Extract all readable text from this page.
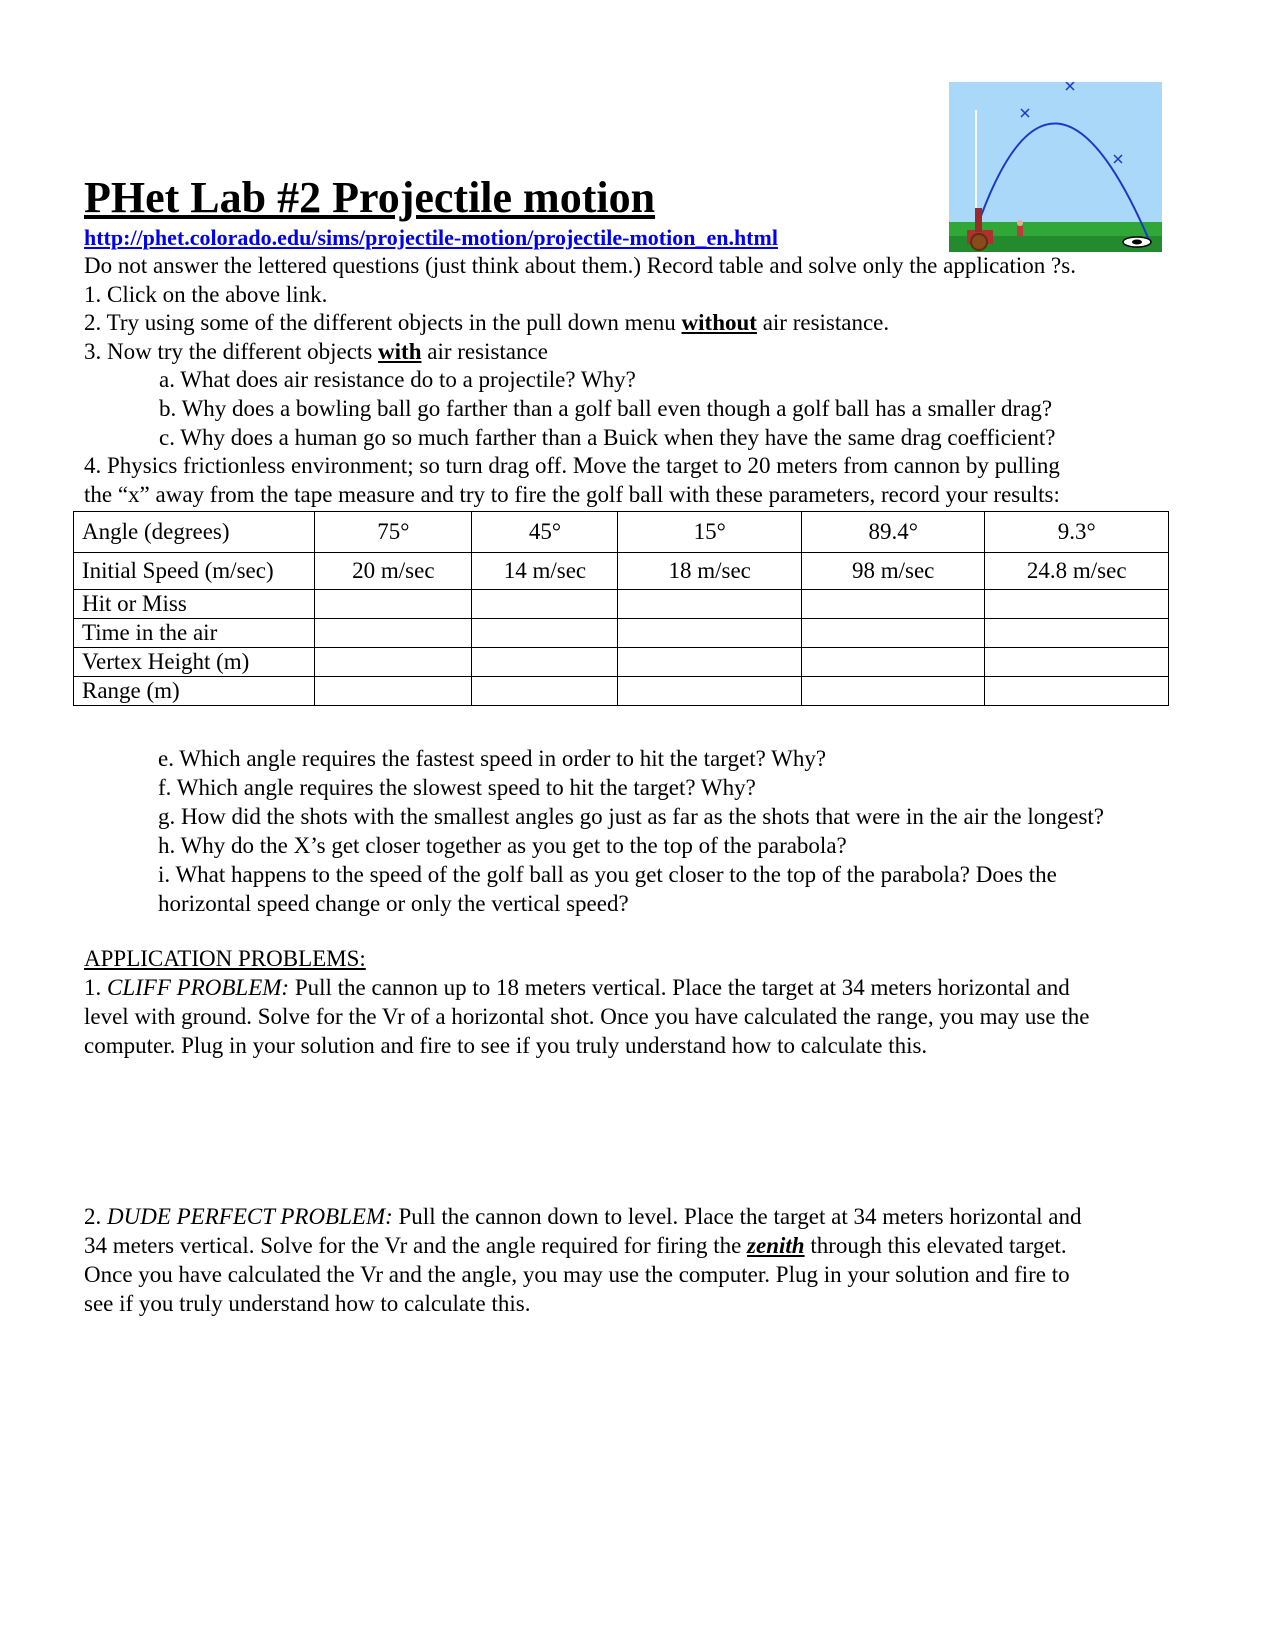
PHet Lab #2 Projectile motion
http://phet.colorado.edu/sims/projectile-motion/projectile-motion_en.html
Do not answer the lettered questions (just think about them.) Record table and solve only the application ?s.
1. Click on the above link.
2. Try using some of the different objects in the pull down menu without air resistance.
3. Now try the different objects with air resistance
a. What does air resistance do to a projectile? Why?
b. Why does a bowling ball go farther than a golf ball even though a golf ball has a smaller drag?
c. Why does a human go so much farther than a Buick when they have the same drag coefficient?
4. Physics frictionless environment; so turn drag off. Move the target to 20 meters from cannon by pulling
the “x” away from the tape measure and try to fire the golf ball with these parameters, record your results:
Angle (degrees)	75°	45°	15°	89.4°	9.3°
Initial Speed (m/sec)	20 m/sec	14 m/sec	18 m/sec	98 m/sec	24.8 m/sec
Hit or Miss					
Time in the air					
Vertex Height (m)					
Range (m)					
e. Which angle requires the fastest speed in order to hit the target? Why?
f. Which angle requires the slowest speed to hit the target? Why?
g. How did the shots with the smallest angles go just as far as the shots that were in the air the longest?
h. Why do the X’s get closer together as you get to the top of the parabola?
i. What happens to the speed of the golf ball as you get closer to the top of the parabola? Does the
horizontal speed change or only the vertical speed?
APPLICATION PROBLEMS:
1. CLIFF PROBLEM: Pull the cannon up to 18 meters vertical. Place the target at 34 meters horizontal and
level with ground. Solve for the Vr of a horizontal shot. Once you have calculated the range, you may use the
computer. Plug in your solution and fire to see if you truly understand how to calculate this.
2. DUDE PERFECT PROBLEM: Pull the cannon down to level. Place the target at 34 meters horizontal and
34 meters vertical. Solve for the Vr and the angle required for firing the zenith through this elevated target.
Once you have calculated the Vr and the angle, you may use the computer. Plug in your solution and fire to
see if you truly understand how to calculate this.
